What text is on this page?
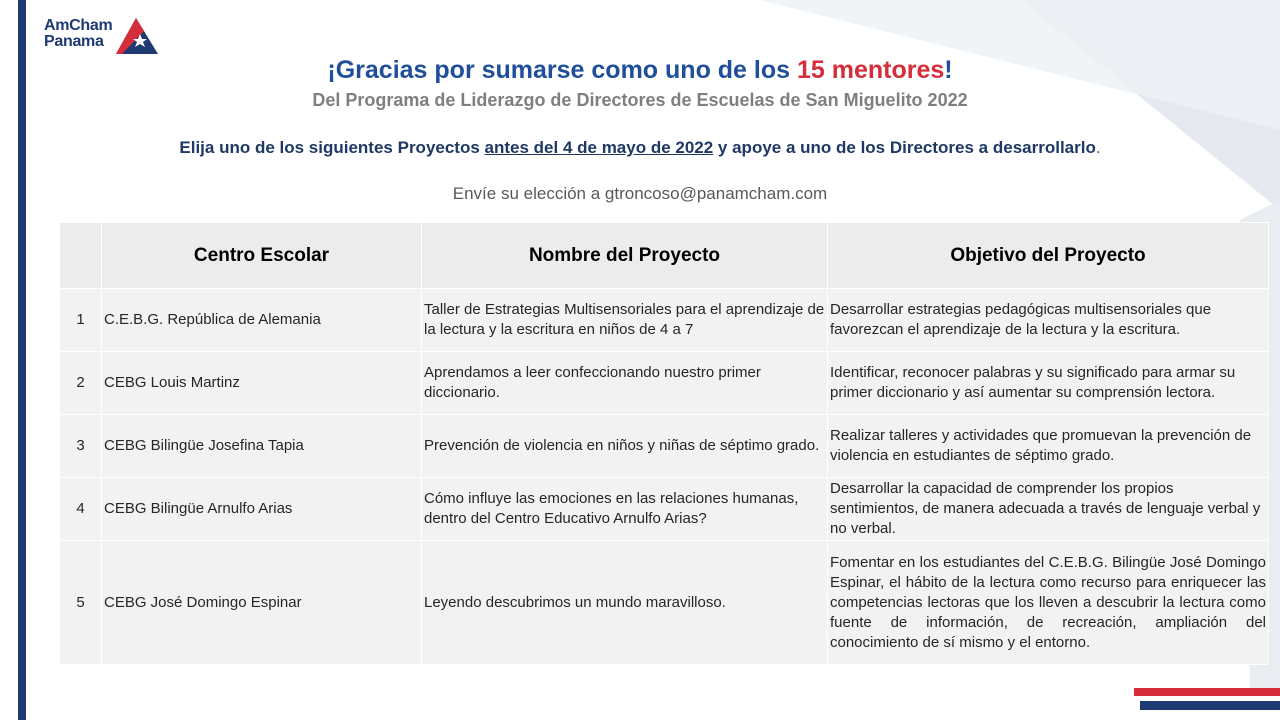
AmCham
Panama
¡Gracias por sumarse como uno de los 15 mentores!
Del Programa de Liderazgo de Directores de Escuelas de San Miguelito 2022
Elija uno de los siguientes Proyectos antes del 4 de mayo de 2022 y apoye a uno de los Directores a desarrollarlo.
Envíe su elección a gtroncoso@panamcham.com
	Centro Escolar	Nombre del Proyecto	Objetivo del Proyecto
1	C.E.B.G. República de Alemania	Taller de Estrategias Multisensoriales para el aprendizaje de la lectura y la escritura en niños de 4 a 7	Desarrollar estrategias pedagógicas multisensoriales que favorezcan el aprendizaje de la lectura y la escritura.
2	CEBG Louis Martinz	Aprendamos a leer confeccionando nuestro primer diccionario.	Identificar, reconocer palabras y su significado para armar su primer diccionario y así aumentar su comprensión lectora.
3	CEBG Bilingüe Josefina Tapia	Prevención de violencia en niños y niñas de séptimo grado.	Realizar talleres y actividades que promuevan la prevención de violencia en estudiantes de séptimo grado.
4	CEBG Bilingüe Arnulfo Arias	Cómo influye las emociones en las relaciones humanas, dentro del Centro Educativo Arnulfo Arias?	Desarrollar la capacidad de comprender los propios sentimientos, de manera adecuada a través de lenguaje verbal y no verbal.
5	CEBG José Domingo Espinar	Leyendo descubrimos un mundo maravilloso.	Fomentar en los estudiantes del C.E.B.G. Bilingüe José Domingo Espinar, el hábito de la lectura como recurso para enriquecer las competencias lectoras que los lleven a descubrir la lectura como fuente de información, de recreación, ampliación del conocimiento de sí mismo y el entorno.
